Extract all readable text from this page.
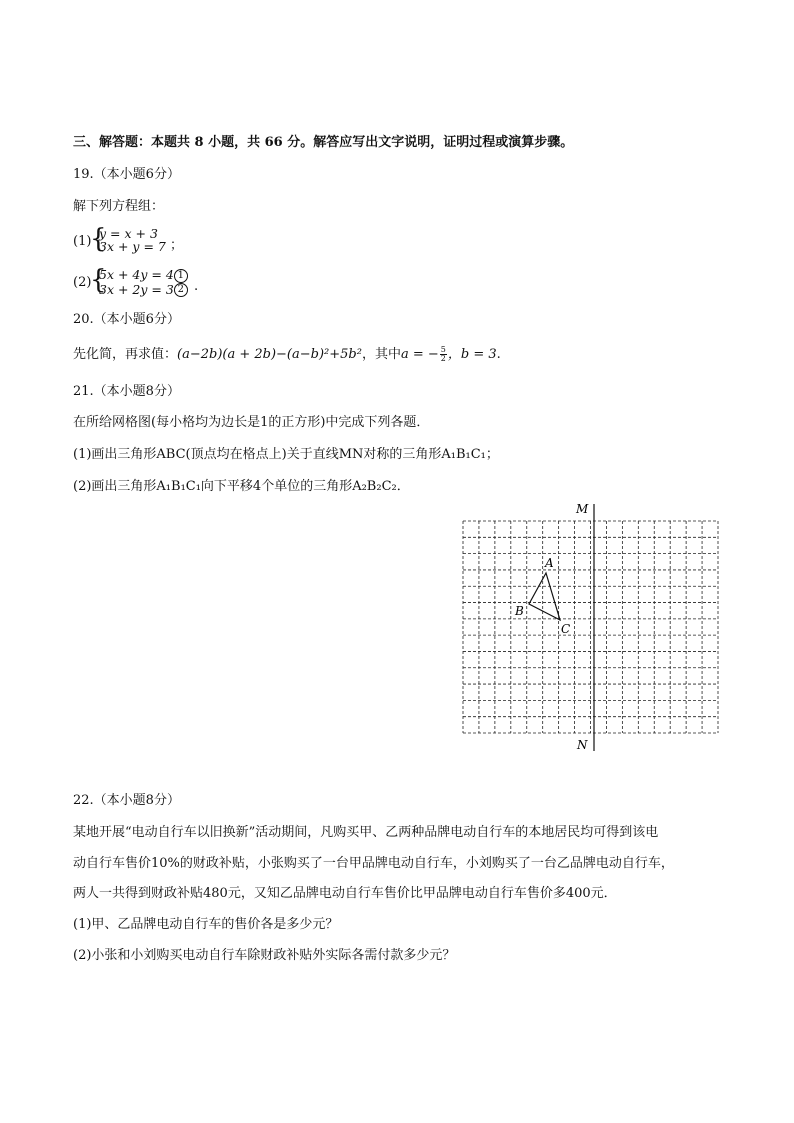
三、解答题：本题共 8 小题，共 66 分。解答应写出文字说明，证明过程或演算步骤。
19.（本小题6分）
解下列方程组：
(1)
{
y = x + 3
3x + y = 7 ；
(2)
{
5x + 4y = 4 1
3x + 2y = 3 2 .
20.（本小题6分）
先化简，再求值：(a−2b)(a + 2b)−(a−b)²+5b²，其中a = − $\frac{5}{2}$ ，b = 3.
21.（本小题8分）
在所给网格图(每小格均为边长是1的正方形)中完成下列各题．
(1)画出三角形ABC(顶点均在格点上)关于直线MN对称的三角形A₁B₁C₁；
(2)画出三角形A₁B₁C₁向下平移4个单位的三角形A₂B₂C₂．
M
N
A
B
C
22.（本小题8分）
某地开展“电动自行车以旧换新”活动期间，凡购买甲、乙两种品牌电动自行车的本地居民均可得到该电
动自行车售价10%的财政补贴，小张购买了一台甲品牌电动自行车，小刘购买了一台乙品牌电动自行车，
两人一共得到财政补贴480元，又知乙品牌电动自行车售价比甲品牌电动自行车售价多400元．
(1)甲、乙品牌电动自行车的售价各是多少元？
(2)小张和小刘购买电动自行车除财政补贴外实际各需付款多少元？
